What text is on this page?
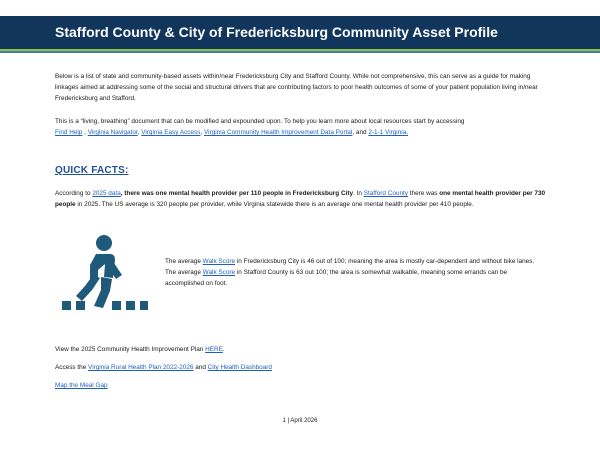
Stafford County & City of Fredericksburg Community Asset Profile
Below is a list of state and community-based assets within/near Fredericksburg City and Stafford County. While not comprehensive, this can serve as a guide for making linkages aimed at addressing some of the social and structural drivers that are contributing factors to poor health outcomes of some of your patient population living in/near Fredericksburg and Stafford.
This is a “living, breathing” document that can be modified and expounded upon. To help you learn more about local resources start by accessing
Find Help , Virginia Navigator, Virginia Easy Access, Virginia Community Health Improvement Data Portal, and 2-1-1 Virginia.
QUICK FACTS:
According to 2025 data, there was one mental health provider per 110 people in Fredericksburg City. In Stafford County there was one mental health provider per 730 people in 2025. The US average is 320 people per provider, while Virginia statewide there is an average one mental health provider per 410 people.
The average Walk Score in Fredericksburg City is 46 out of 100; meaning the area is mostly car-dependent and without bike lanes. The average Walk Score in Stafford County is 63 out 100; the area is somewhat walkable, meaning some errands can be accomplished on foot.
View the 2025 Community Health Improvement Plan HERE.
Access the Virginia Rural Health Plan 2022-2026 and City Health Dashboard
Map the Meal Gap
1 | April 2026
